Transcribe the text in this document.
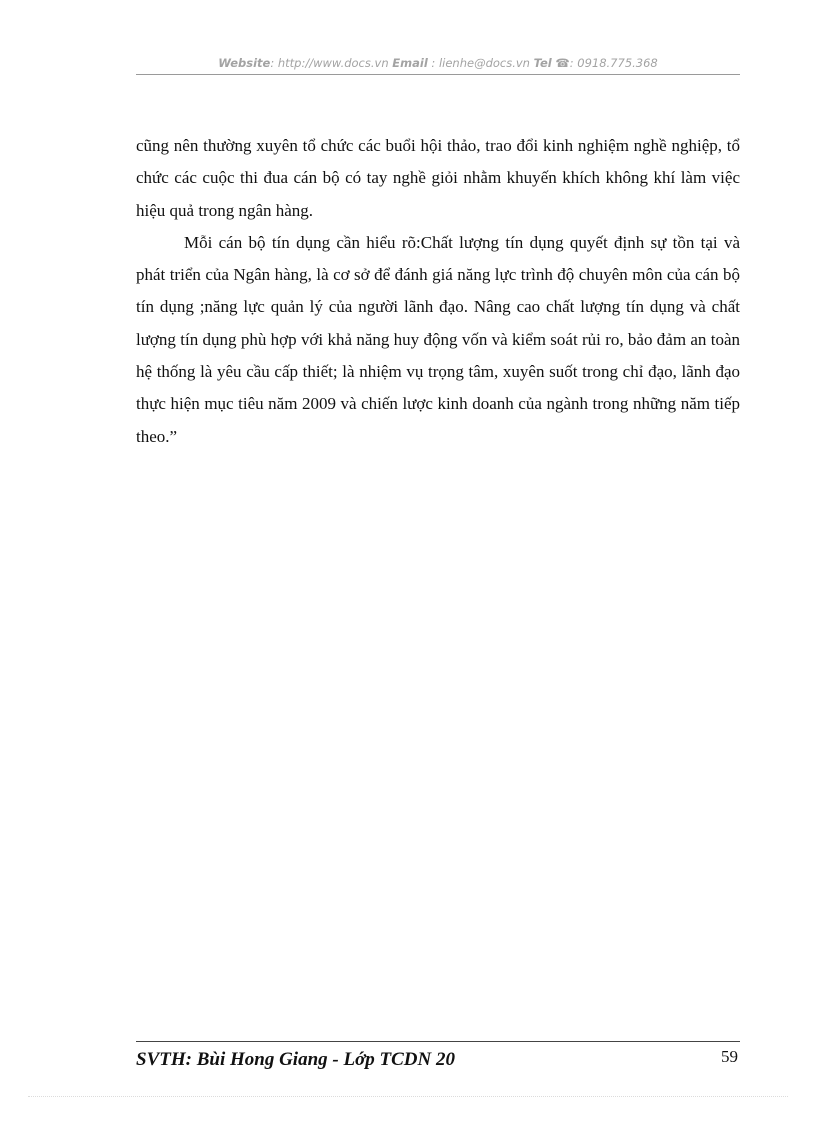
Website: http://www.docs.vn Email : lienhe@docs.vn Tel ☎: 0918.775.368

cũng nên thường xuyên tổ chức các buổi hội thảo, trao đổi kinh nghiệm nghề nghiệp, tổ chức các cuộc thi đua cán bộ có tay nghề giỏi nhằm khuyến khích không khí làm việc hiệu quả trong ngân hàng.

Mỗi cán bộ tín dụng cần hiểu rõ:Chất lượng tín dụng quyết định sự tồn tại và phát triển của Ngân hàng, là cơ sở để đánh giá năng lực trình độ chuyên môn của cán bộ tín dụng ;năng lực quản lý của người lãnh đạo. Nâng cao chất lượng tín dụng và chất lượng tín dụng phù hợp với khả năng huy động vốn và kiểm soát rủi ro, bảo đảm an toàn hệ thống là yêu cầu cấp thiết; là nhiệm vụ trọng tâm, xuyên suốt trong chỉ đạo, lãnh đạo thực hiện mục tiêu năm 2009 và chiến lược kinh doanh của ngành trong những năm tiếp theo.”

SVTH: Bùi Hong Giang - Lớp TCDN 20	59
